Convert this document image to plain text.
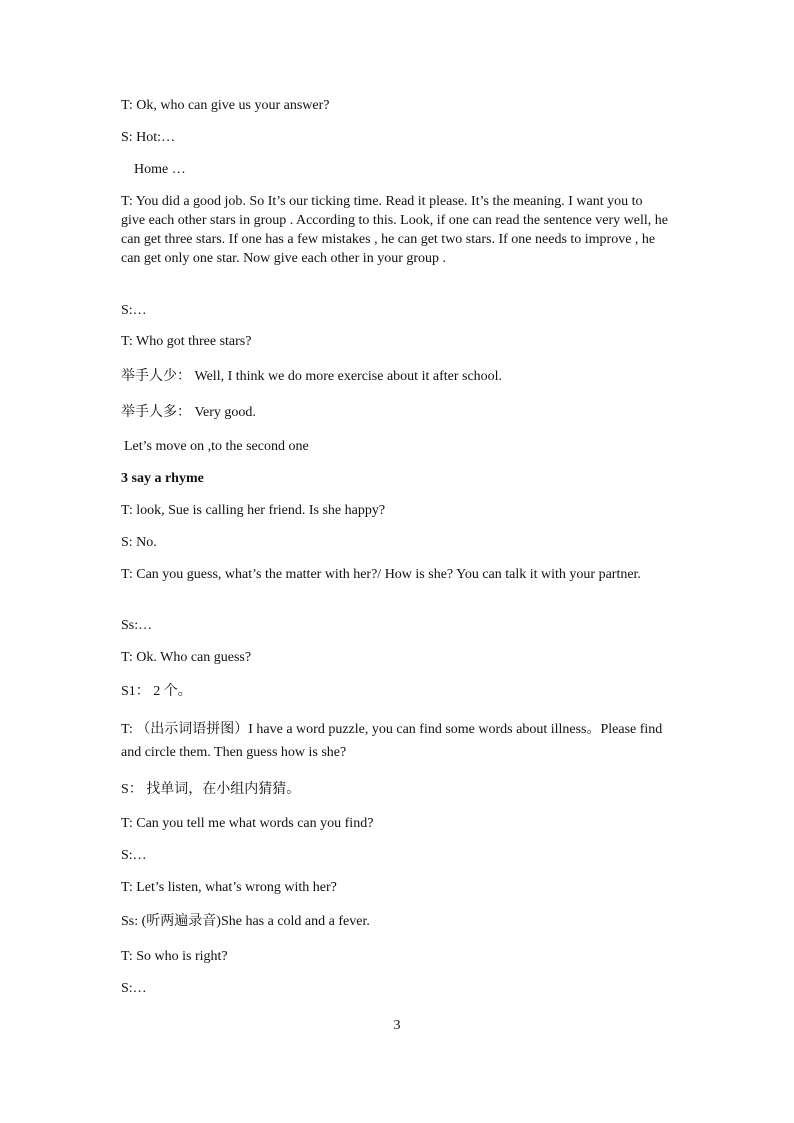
T: Ok, who can give us your answer?
S: Hot:…
Home …
T: You did a good job. So It’s our ticking time. Read it please. It’s the meaning. I want you to give each other stars in group . According to this. Look, if one can read the sentence very well, he can get three stars. If one has a few mistakes , he can get two stars. If one needs to improve , he can get only one star. Now give each other in your group .
S:…
T: Who got three stars?
举手人少： Well, I think we do more exercise about it after school.
举手人多： Very good.
Let’s move on ,to the second one
3 say a rhyme
T: look, Sue is calling her friend. Is she happy?
S: No.
T: Can you guess, what’s the matter with her?/ How is she? You can talk it with your partner.
Ss:…
T: Ok. Who can guess?
S1： 2 个。
T: （出示词语拼图）I have a word puzzle, you can find some words about illness。Please find and circle them. Then guess how is she?
S： 找单词，在小组内猜猜。
T: Can you tell me what words can you find?
S:…
T: Let’s listen, what’s wrong with her?
Ss: (听两遍录音)She has a cold and a fever.
T: So who is right?
S:…
3
